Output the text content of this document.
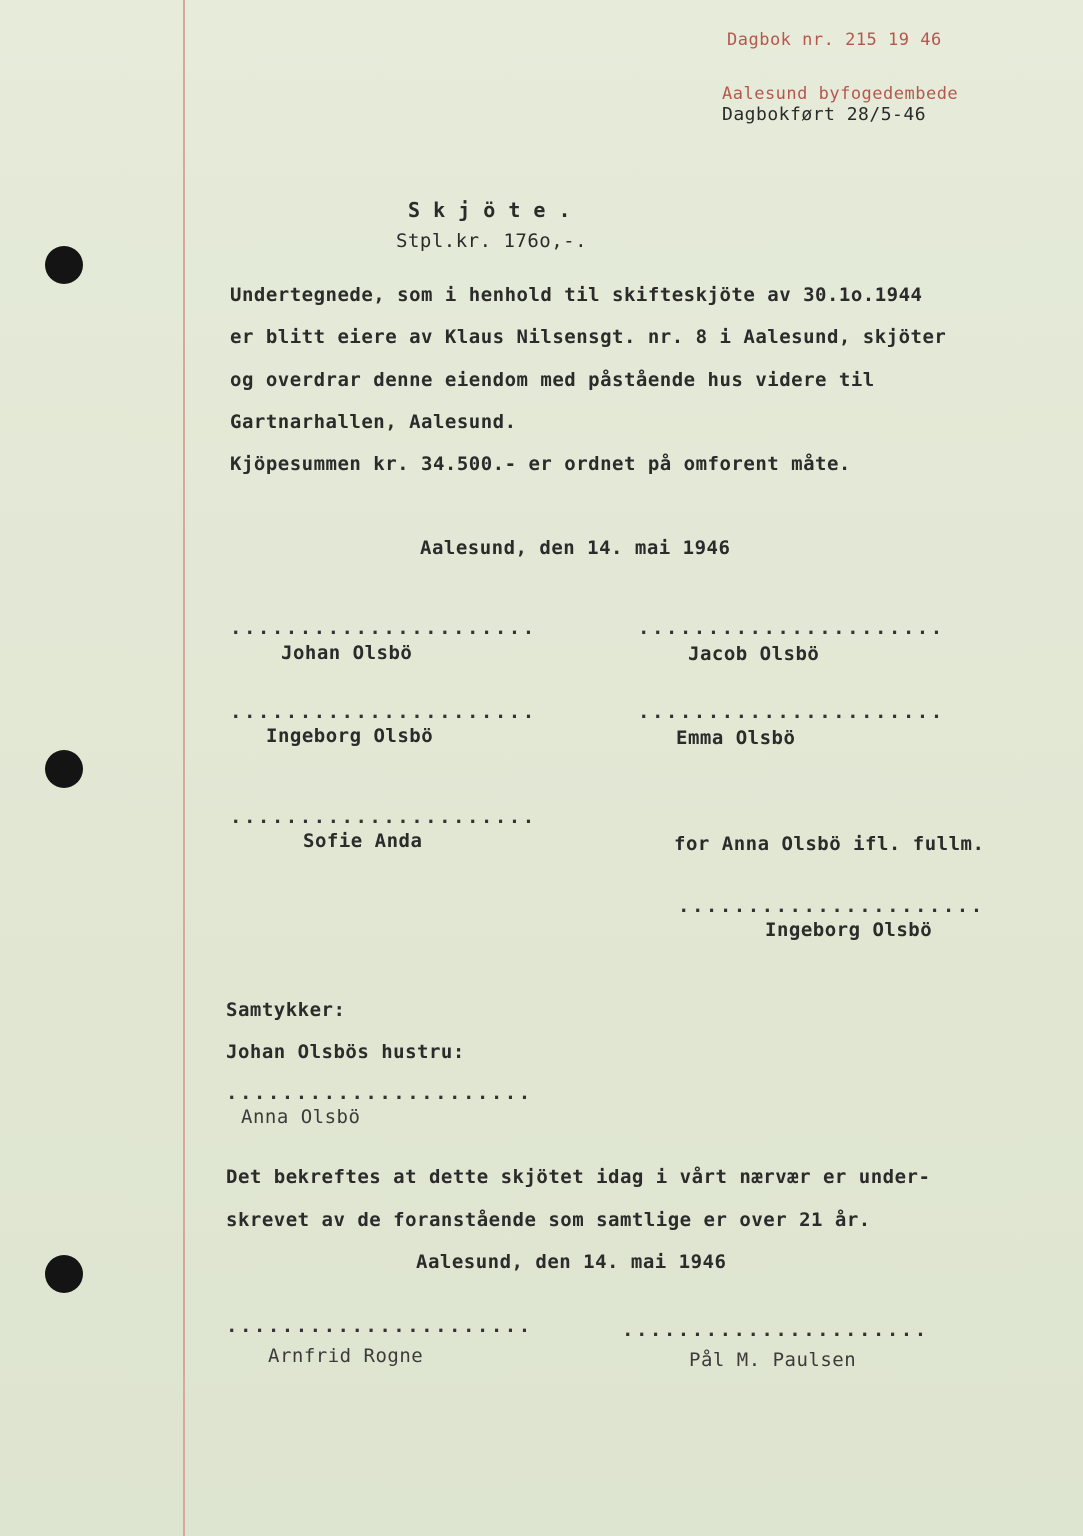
Dagbok nr. 215 19 46
Aalesund byfogedembede
Dagbokført 28/5-46
S k j ö t e .
Stpl.kr. 176o,-.
Undertegnede, som i henhold til skifteskjöte av 30.1o.1944
er blitt eiere av Klaus Nilsensgt. nr. 8 i Aalesund, skjöter
og overdrar denne eiendom med påstående hus videre til
Gartnarhallen, Aalesund.
Kjöpesummen kr. 34.500.- er ordnet på omforent måte.
Aalesund, den 14. mai 1946
......................	......................
Johan Olsbö	Jacob Olsbö
......................	......................
Ingeborg Olsbö	Emma Olsbö
......................
Sofie Anda	for Anna Olsbö ifl. fullm.
......................
Ingeborg Olsbö
Samtykker:
Johan Olsbös hustru:
......................
Anna Olsbö
Det bekreftes at dette skjötet idag i vårt nærvær er under-
skrevet av de foranstående som samtlige er over 21 år.
Aalesund, den 14. mai 1946
......................	......................
Arnfrid Rogne	Pål M. Paulsen
